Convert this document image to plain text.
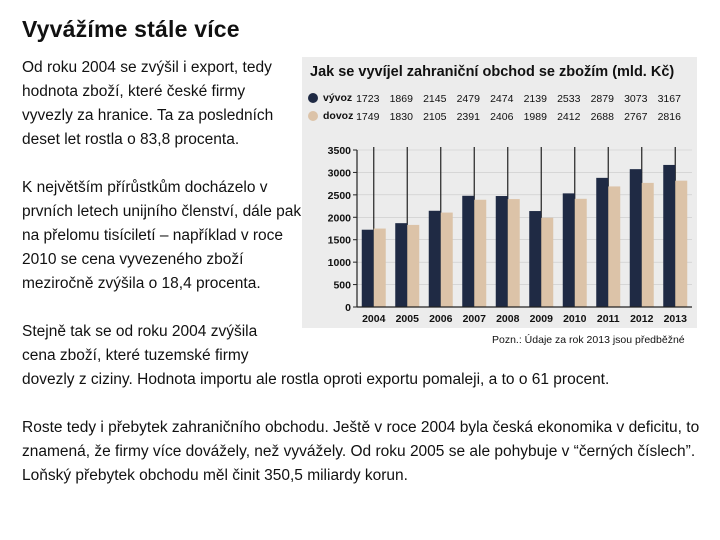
Vyvážíme stále více
Od roku 2004 se zvýšil i export, tedy
hodnota zboží, které české firmy
vyvezly za hranice. Ta za posledních
deset let rostla o 83,8 procenta.
K největším přírůstkům docházelo v
prvních letech unijního členství, dále pak
na přelomu tisíciletí – například v roce
2010 se cena vyvezeného zboží
meziročně zvýšila o 18,4 procenta.
Stejně tak se od roku 2004 zvýšila
cena zboží, které tuzemské firmy
dovezly z ciziny. Hodnota importu ale rostla oproti exportu pomaleji, a to o 61 procent.
Roste tedy i přebytek zahraničního obchodu. Ještě v roce 2004 byla česká ekonomika v deficitu, to
znamená, že firmy více dovážely, než vyvážely. Od roku 2005 se ale pohybuje v “černých číslech”.
Loňský přebytek obchodu měl činit 350,5 miliardy korun.
Jak se vyvíjel zahraniční obchod se zbožím (mld. Kč)
vývoz 1723 1869 2145 2479 2474 2139 2533 2879 3073 3167
dovoz 1749 1830 2105 2391 2406 1989 2412 2688 2767 2816
0
500
1000
1500
2000
2500
3000
3500
2004 2005 2006 2007 2008 2009 2010 2011 2012 2013
Pozn.: Údaje za rok 2013 jsou předběžné
